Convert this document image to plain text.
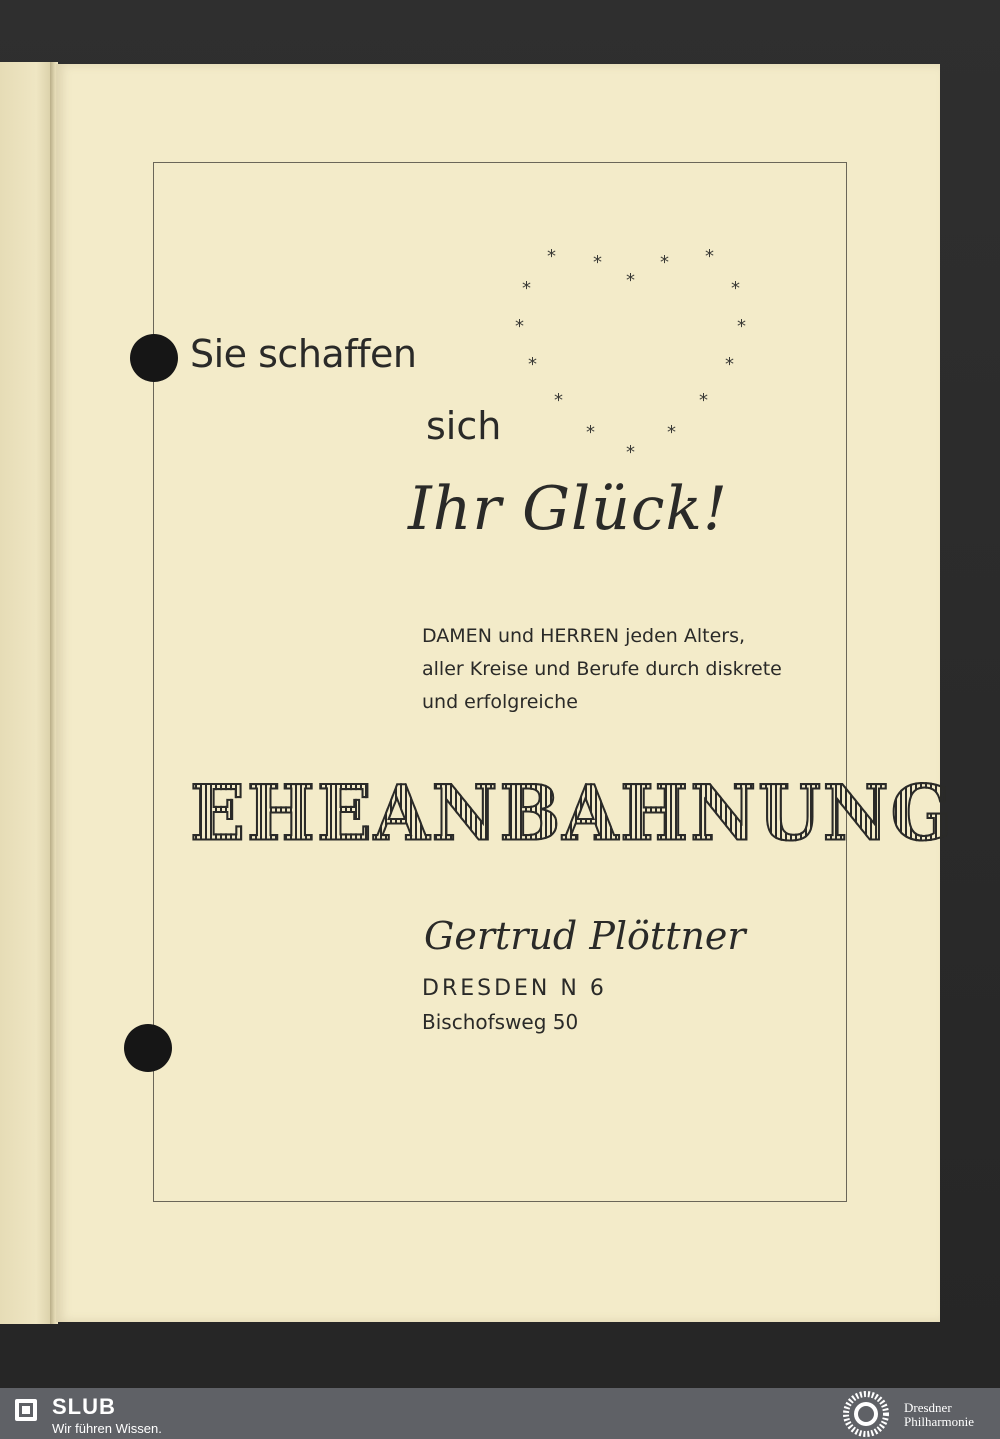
* *	* *
*
*	*
*	*
*	*
*	*
*	*
*
Sie schaffen
sich
Ihr Glück!
DAMEN und HERREN jeden Alters,
aller Kreise und Berufe durch diskrete
und erfolgreiche
EHEANBAHNUNG
Gertrud Plöttner
DRESDEN N 6
Bischofsweg 50
SLUB
Wir führen Wissen.
Dresdner
Philharmonie
